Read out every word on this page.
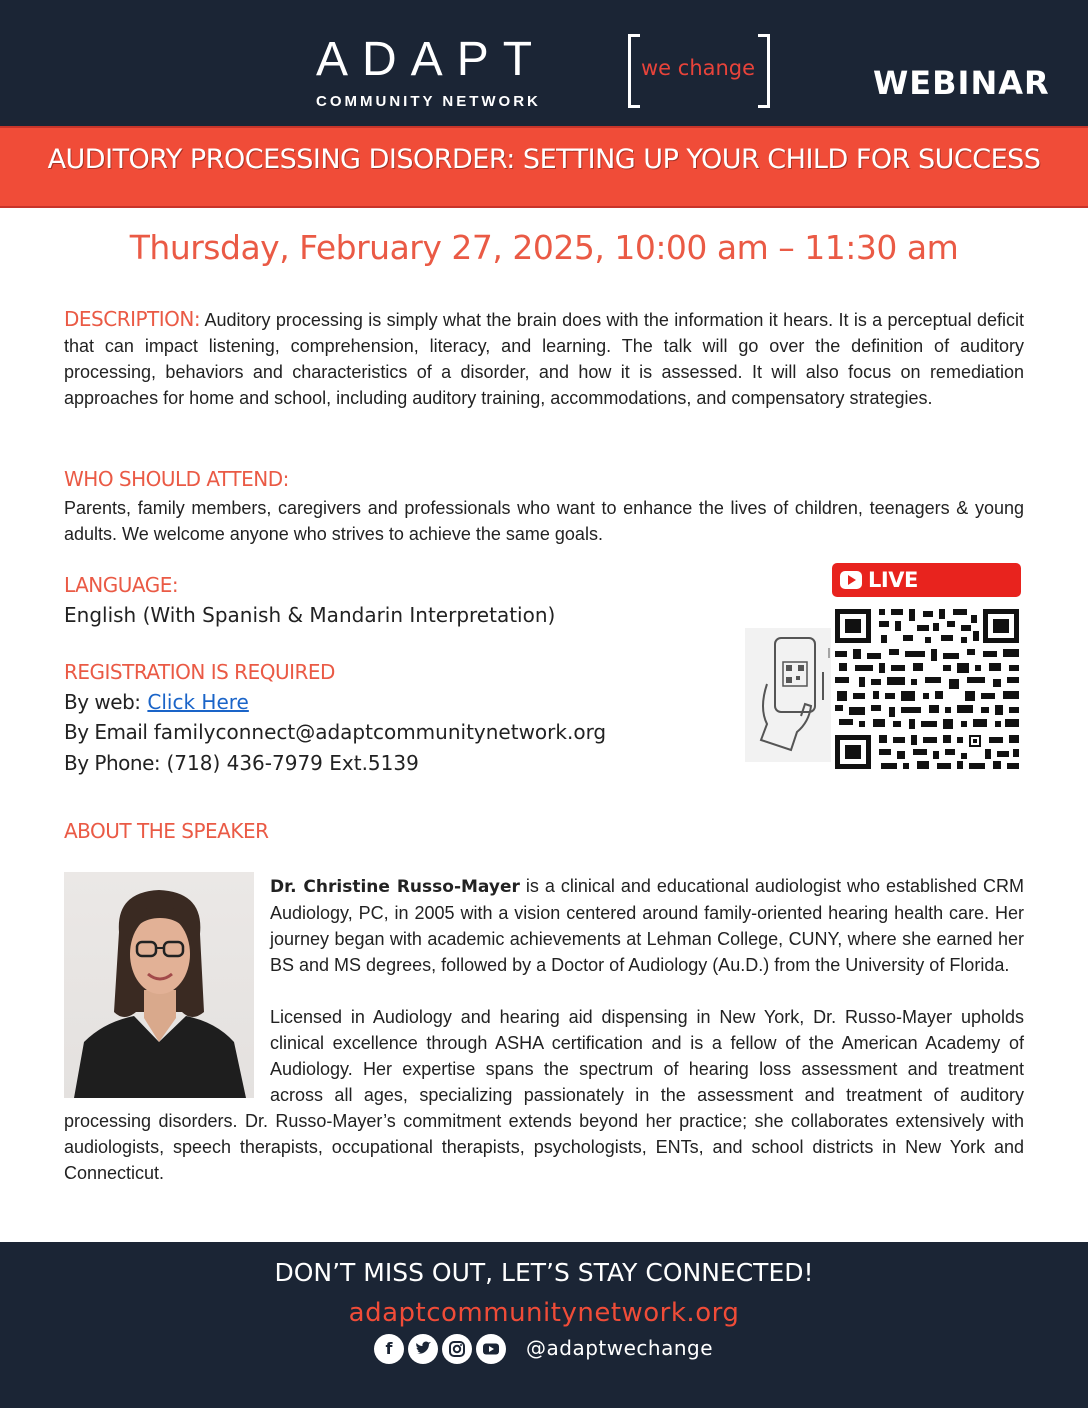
ADAPT
COMMUNITY NETWORK
we change	WEBINAR
AUDITORY PROCESSING DISORDER: SETTING UP YOUR CHILD FOR SUCCESS
Thursday, February 27, 2025, 10:00 am – 11:30 am
DESCRIPTION: Auditory processing is simply what the brain does with the information it hears. It is a perceptual deficit that can impact listening, comprehension, literacy, and learning. The talk will go over the definition of auditory processing, behaviors and characteristics of a disorder, and how it is assessed. It will also focus on remediation approaches for home and school, including auditory training, accommodations, and compensatory strategies.
WHO SHOULD ATTEND:
Parents, family members, caregivers and professionals who want to enhance the lives of children, teenagers & young adults. We welcome anyone who strives to achieve the same goals.
LANGUAGE:
English (With Spanish & Mandarin Interpretation)
REGISTRATION IS REQUIRED
By web: Click Here
By Email familyconnect@adaptcommunitynetwork.org
By Phone: (718) 436-7979 Ext.5139
LIVE
ABOUT THE SPEAKER

Dr. Christine Russo-Mayer is a clinical and educational audiologist who established CRM Audiology, PC, in 2005 with a vision centered around family-oriented hearing health care. Her journey began with academic achievements at Lehman College, CUNY, where she earned her BS and MS degrees, followed by a Doctor of Audiology (Au.D.) from the University of Florida.

Licensed in Audiology and hearing aid dispensing in New York, Dr. Russo-Mayer upholds clinical excellence through ASHA certification and is a fellow of the American Academy of Audiology. Her expertise spans the spectrum of hearing loss assessment and treatment across all ages, specializing passionately in the assessment and treatment of auditory processing disorders. Dr. Russo-Mayer’s commitment extends beyond her practice; she collaborates extensively with audiologists, speech therapists, occupational therapists, psychologists, ENTs, and school districts in New York and Connecticut.

DON’T MISS OUT, LET’S STAY CONNECTED!
adaptcommunitynetwork.org
f	@adaptwechange
